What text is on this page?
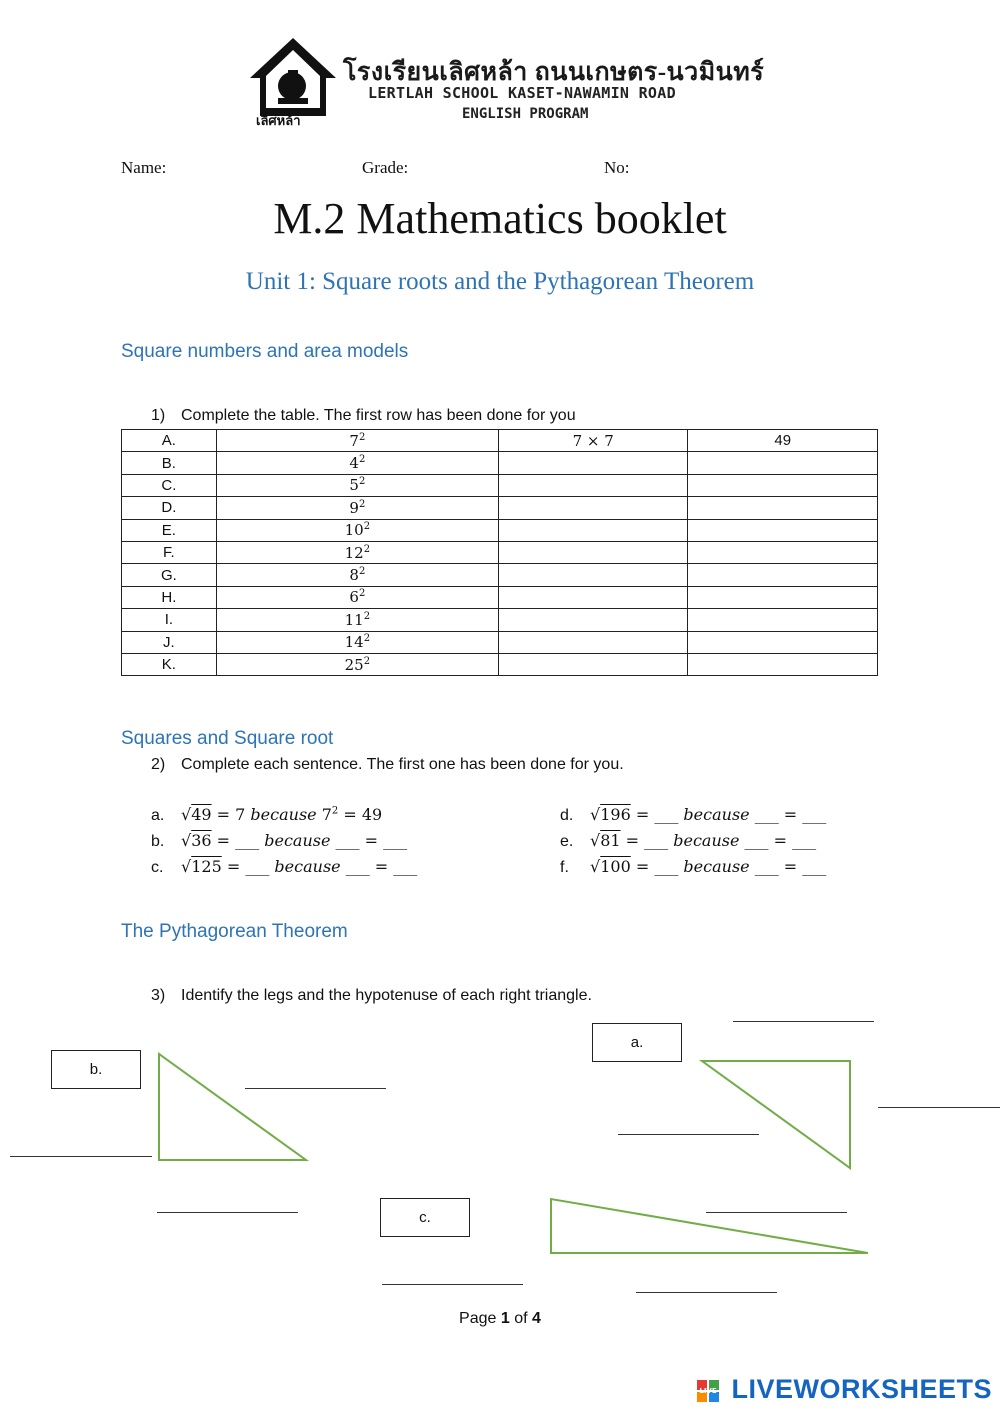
เลิศหล้า
โรงเรียนเลิศหล้า ถนนเกษตร-นวมินทร์
LERTLAH SCHOOL KASET-NAWAMIN ROAD
ENGLISH PROGRAM
Name:	Grade:	No:
M.2 Mathematics booklet
Unit 1: Square roots and the Pythagorean Theorem
Square numbers and area models
1) Complete the table. The first row has been done for you
A.	$7^2$	7 × 7	49
B.	$4^2$		
C.	$5^2$		
D.	$9^2$		
E.	$10^2$		
F.	$12^2$		
G.	$8^2$		
H.	$6^2$		
I.	$11^2$		
J.	$14^2$		
K.	$25^2$		
Squares and Square root
2) Complete each sentence. The first one has been done for you.
a. √49 = 7 because $7^2 = 49$
b. √36 = ___ because ___ = ___
c. √125 = ___ because ___ = ___
d. √196 = ___ because ___ = ___
e. √81 = ___ because ___ = ___
f. √100 = ___ because ___ = ___
The Pythagorean Theorem
3) Identify the legs and the hypotenuse of each right triangle.
b.
a.
c.
Page 1 of 4
LIVE LIVEWORKSHEETS
